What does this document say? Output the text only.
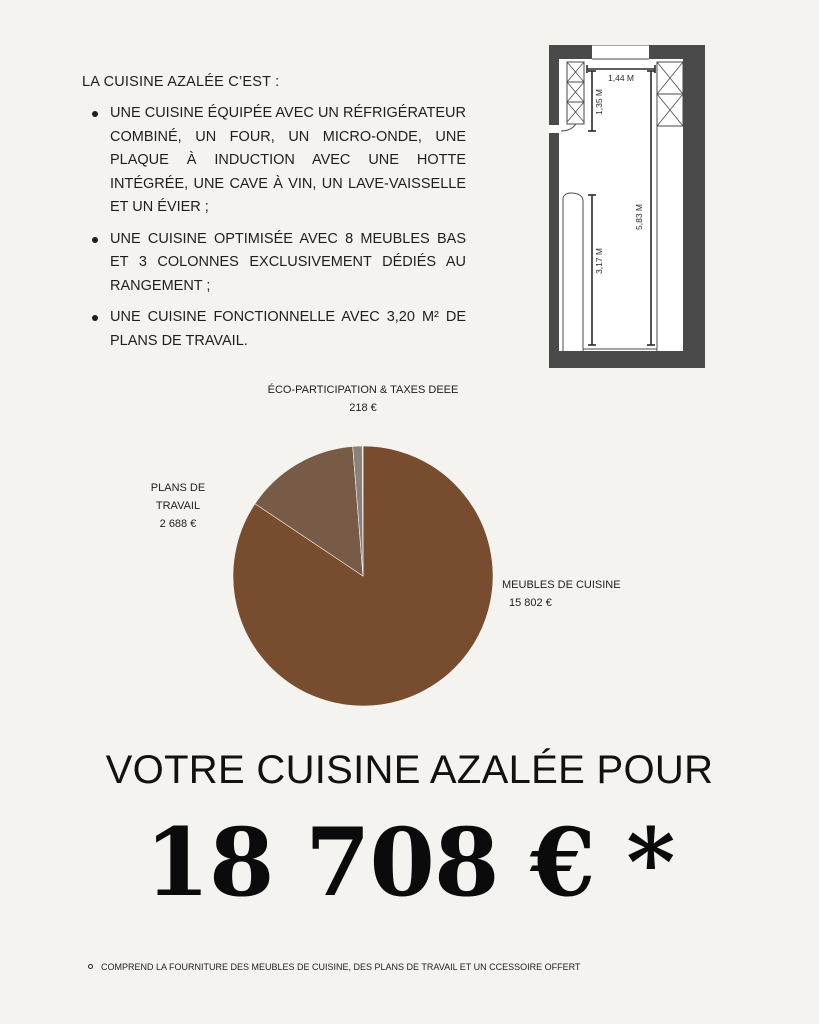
LA CUISINE AZALÉE C’EST :

UNE CUISINE ÉQUIPÉE AVEC UN RÉFRIGÉRATEUR COMBINÉ, UN FOUR, UN MICRO-ONDE, UNE PLAQUE À INDUCTION AVEC UNE HOTTE INTÉGRÉE, UNE CAVE À VIN, UN LAVE-VAISSELLE ET UN ÉVIER ;
UNE CUISINE OPTIMISÉE AVEC 8 MEUBLES BAS ET 3 COLONNES EXCLUSIVEMENT DÉDIÉS AU RANGEMENT ;
UNE CUISINE FONCTIONNELLE AVEC 3,20 M² DE PLANS DE TRAVAIL.
1,44 M
1,35 M
5,83 M
3,17 M
ÉCO-PARTICIPATION & TAXES DEEE
218 €
PLANS DE TRAVAIL
2 688 €
MEUBLES DE CUISINE
15 802 €
VOTRE CUISINE AZALÉE POUR
18 708 € *
COMPREND LA FOURNITURE DES MEUBLES DE CUISINE, DES PLANS DE TRAVAIL ET UN CCESSOIRE OFFERT
